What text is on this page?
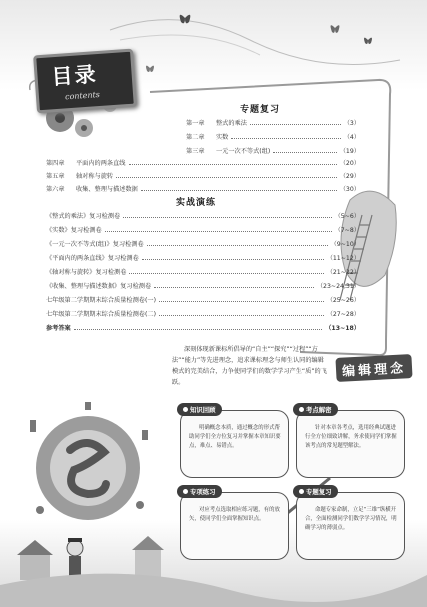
目录
contents
专题复习
第一章	整式的乘法	（3）
第二章	实数	（4）
第三章	一元一次不等式(组)	（19）
第四章	平面内的两条直线	（20）
第五章	轴对称与旋转	（29）
第六章	收集、整理与描述数据	（30）
实战演练
《整式的乘法》复习检测卷	（5~6）
《实数》复习检测卷	（7~8）
《一元一次不等式(组)》复习检测卷	（9~10）
《平面内的两条直线》复习检测卷	（11~12）
《轴对称与旋转》复习检测卷	（21~22）
《收集、整理与描述数据》复习检测卷	（23~24,31）
七年级第二学期期末综合质量检测卷(一)	（25~26）
七年级第二学期期末综合质量检测卷(二)	（27~28）
参考答案	（13~18）
深刻体现新课标所倡导的“自主”“探究”“过程”“方法”“能力”等先进理念，追求课标理念与师生认同的编辑模式的完美结合，力争使同学们的数学学习产生“质”的飞跃。
编辑理念
知识回顾
明确概念本质，通过概念的形式帮助同学们全方位复习并掌握本章知识要点，难点、易错点。
考点解密
针对本章各考点，选用经典试题进行全方位细致讲解，务求使同学们掌握该考点的常见题型解法。
专项练习
对应考点选取相应练习题，有的放矢，使同学们全面掌握知识点。
专题复习
命题专家命制，立足“三维”纵横开合，全面检测同学们数学学习情况，明确学习的薄弱点。
